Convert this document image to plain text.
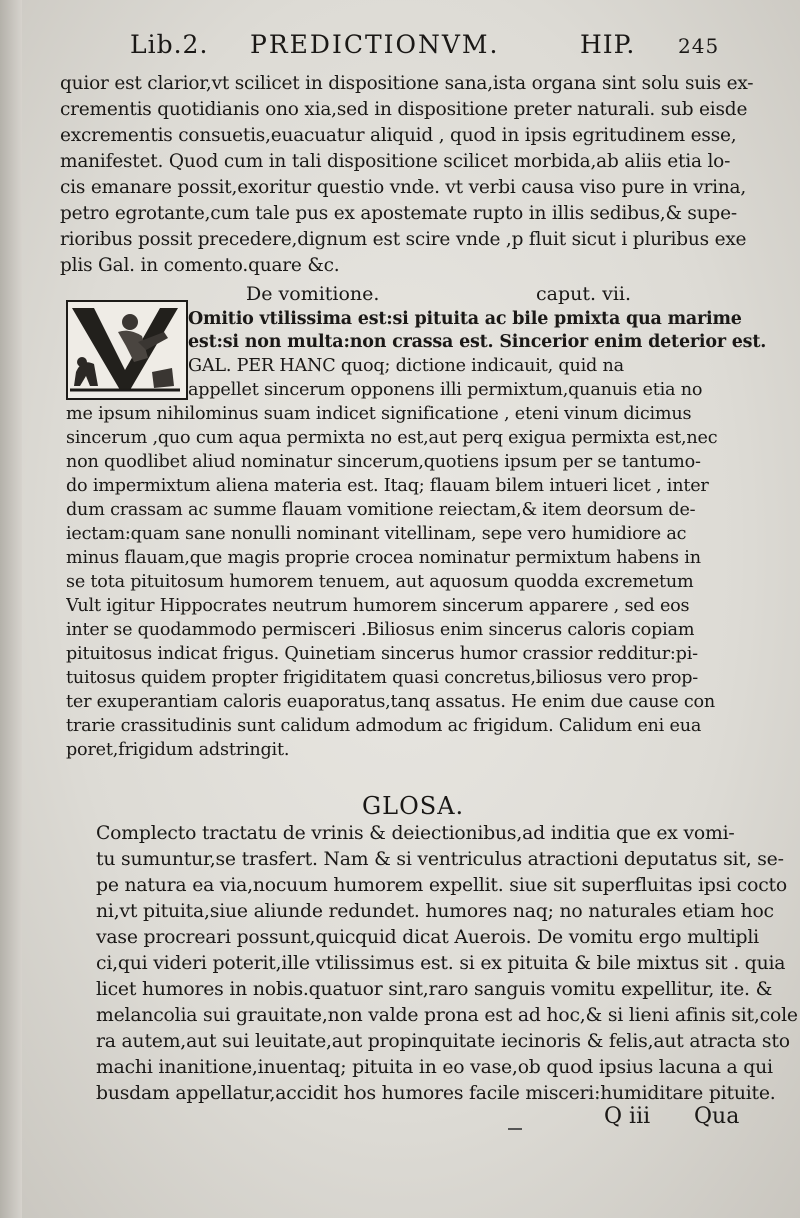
Lib.2. PREDICTIONVM.	HIP. 245
quior est clarior,vt scilicet in dispositione sana,ista organa sint solu suis ex-
crementis quotidianis ono xia,sed in dispositione preter naturali. sub eisde
excrementis consuetis,euacuatur aliquid , quod in ipsis egritudinem esse,
manifestet. Quod cum in tali dispositione scilicet morbida,ab aliis etia lo-
cis emanare possit,exoritur questio vnde. vt verbi causa viso pure in vrina,
petro egrotante,cum tale pus ex apostemate rupto in illis sedibus,& supe-
rioribus possit precedere,dignum est scire vnde ,p fluit sicut i pluribus exe
plis Gal. in comento.quare &c.
De vomitione.	caput. vii.
Omitio vtilissima est:si pituita ac bile pmixta qua marime
est:si non multa:non crassa est. Sincerior enim deterior est.
GAL. PER HANC quoq; dictione indicauit, quid na
appellet sincerum opponens illi permixtum,quanuis etia no
me ipsum nihilominus suam indicet significatione , eteni vinum dicimus
sincerum ,quo cum aqua permixta no est,aut perq exigua permixta est,nec
non quodlibet aliud nominatur sincerum,quotiens ipsum per se tantumo-
do impermixtum aliena materia est. Itaq; flauam bilem intueri licet , inter
dum crassam ac summe flauam vomitione reiectam,& item deorsum de-
iectam:quam sane nonulli nominant vitellinam, sepe vero humidiore ac
minus flauam,que magis proprie crocea nominatur permixtum habens in
se tota pituitosum humorem tenuem, aut aquosum quodda excremetum
Vult igitur Hippocrates neutrum humorem sincerum apparere , sed eos
inter se quodammodo permisceri .Biliosus enim sincerus caloris copiam
pituitosus indicat frigus. Quinetiam sincerus humor crassior redditur:pi-
tuitosus quidem propter frigiditatem quasi concretus,biliosus vero prop-
ter exuperantiam caloris euaporatus,tanq assatus. He enim due cause con
trarie crassitudinis sunt calidum admodum ac frigidum. Calidum eni eua
poret,frigidum adstringit.
GLOSA.
Complecto tractatu de vrinis & deiectionibus,ad inditia que ex vomi-
tu sumuntur,se trasfert. Nam & si ventriculus atractioni deputatus sit, se-
pe natura ea via,nocuum humorem expellit. siue sit superfluitas ipsi cocto
ni,vt pituita,siue aliunde redundet. humores naq; no naturales etiam hoc
vase procreari possunt,quicquid dicat Auerois. De vomitu ergo multipli
ci,qui videri poterit,ille vtilissimus est. si ex pituita & bile mixtus sit . quia
licet humores in nobis.quatuor sint,raro sanguis vomitu expellitur, ite. &
melancolia sui grauitate,non valde prona est ad hoc,& si lieni afinis sit,cole
ra autem,aut sui leuitate,aut propinquitate iecinoris & felis,aut atracta sto
machi inanitione,inuentaq; pituita in eo vase,ob quod ipsius lacuna a qui
busdam appellatur,accidit hos humores facile misceri:humiditare pituite.
Q iii Qua
